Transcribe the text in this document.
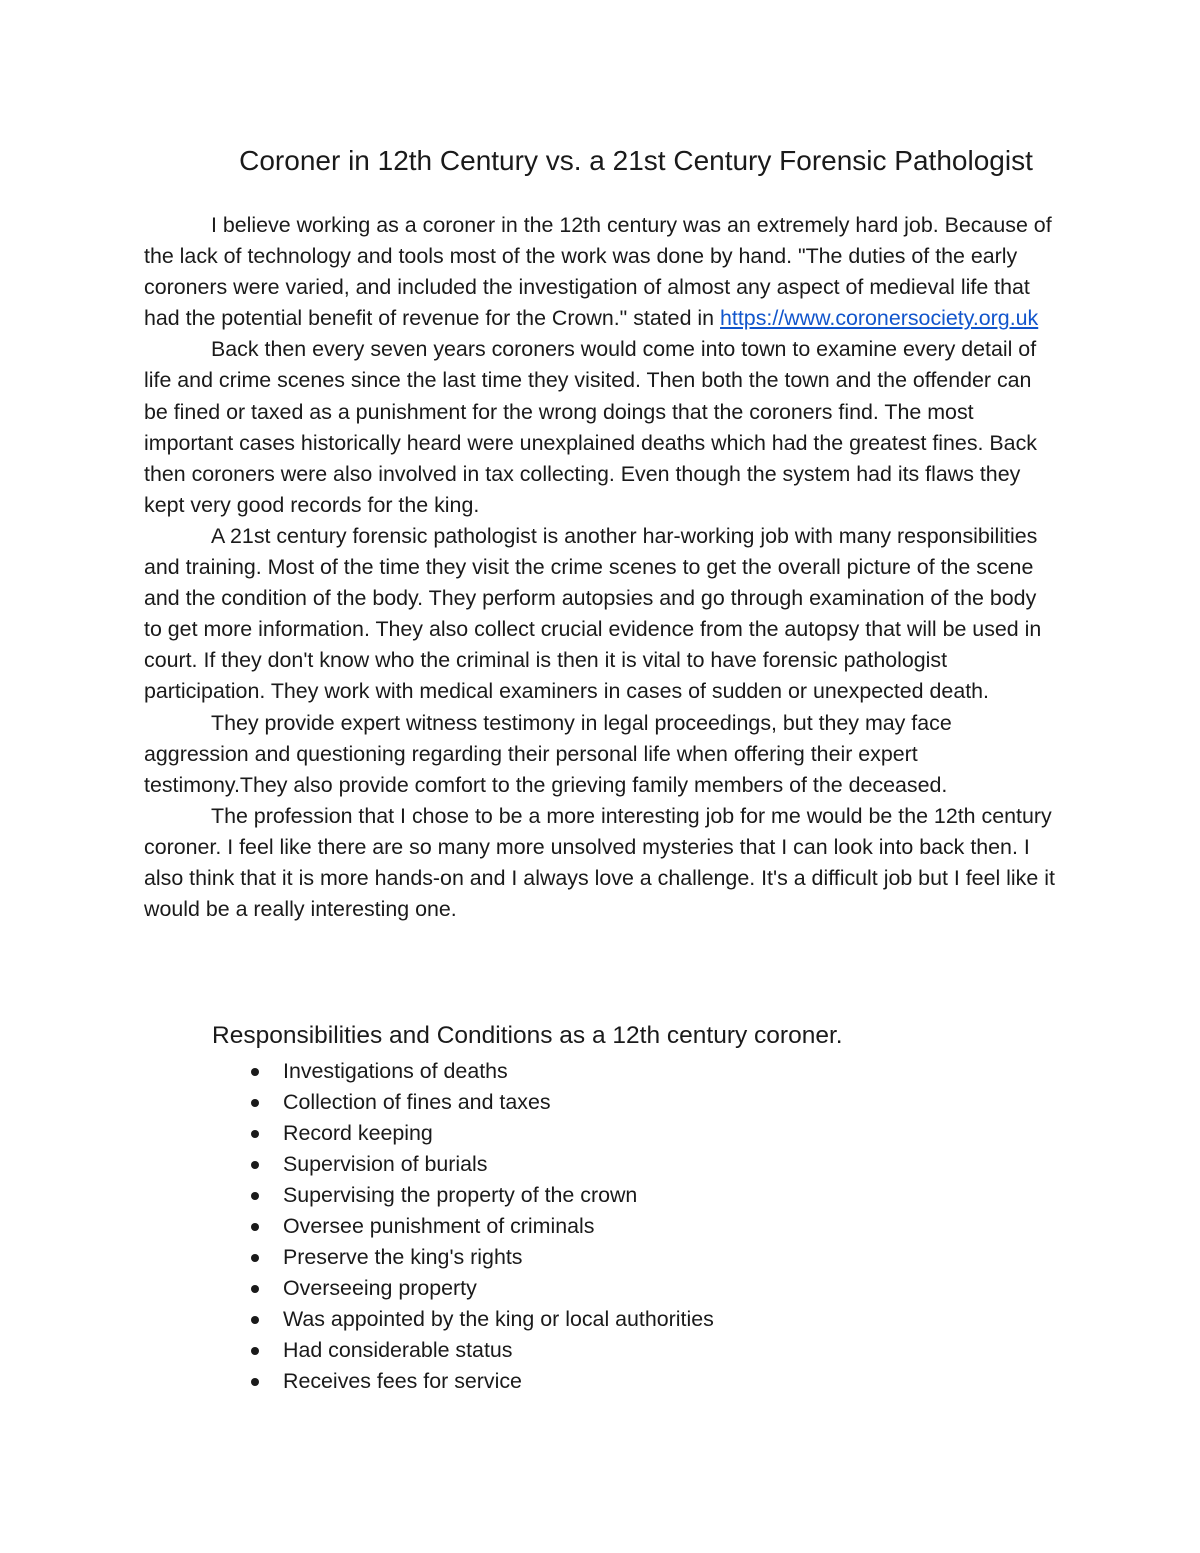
Coroner in 12th Century vs. a 21st Century Forensic Pathologist

I believe working as a coroner in the 12th century was an extremely hard job. Because of the lack of technology and tools most of the work was done by hand. "The duties of the early coroners were varied, and included the investigation of almost any aspect of medieval life that had the potential benefit of revenue for the Crown." stated in https://www.coronersociety.org.uk

Back then every seven years coroners would come into town to examine every detail of life and crime scenes since the last time they visited. Then both the town and the offender can be fined or taxed as a punishment for the wrong doings that the coroners find. The most important cases historically heard were unexplained deaths which had the greatest fines. Back then coroners were also involved in tax collecting. Even though the system had its flaws they kept very good records for the king.

A 21st century forensic pathologist is another har-working job with many responsibilities and training. Most of the time they visit the crime scenes to get the overall picture of the scene and the condition of the body. They perform autopsies and go through examination of the body to get more information. They also collect crucial evidence from the autopsy that will be used in court. If they don't know who the criminal is then it is vital to have forensic pathologist participation. They work with medical examiners in cases of sudden or unexpected death.

They provide expert witness testimony in legal proceedings, but they may face aggression and questioning regarding their personal life when offering their expert testimony.They also provide comfort to the grieving family members of the deceased.

The profession that I chose to be a more interesting job for me would be the 12th century coroner. I feel like there are so many more unsolved mysteries that I can look into back then. I also think that it is more hands-on and I always love a challenge. It's a difficult job but I feel like it would be a really interesting one.

Responsibilities and Conditions as a 12th century coroner.
Investigations of deaths
Collection of fines and taxes
Record keeping
Supervision of burials
Supervising the property of the crown
Oversee punishment of criminals
Preserve the king's rights
Overseeing property
Was appointed by the king or local authorities
Had considerable status
Receives fees for service
